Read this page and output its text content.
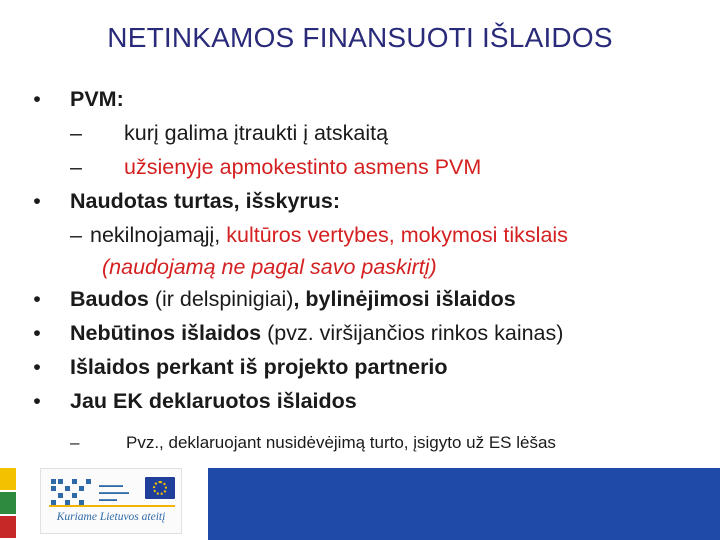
NETINKAMOS FINANSUOTI IŠLAIDOS
• PVM:
– kurį galima įtraukti į atskaitą
– užsienyje apmokestinto asmens PVM
• Naudotas turtas, išskyrus:
– nekilnojamąjį, kultūros vertybes, mokymosi tikslais
(naudojamą ne pagal savo paskirtį)
• Baudos (ir delspinigiai), bylinėjimosi išlaidos
• Nebūtinos išlaidos (pvz. viršijančios rinkos kainas)
• Išlaidos perkant iš projekto partnerio
• Jau EK deklaruotos išlaidos
–	Pvz., deklaruojant nusidėvėjimą turto, įsigyto už ES lėšas
▬▬▬▬ ▬▬▬▬▬ ▬▬▬
Kuriame Lietuvos ateitį
